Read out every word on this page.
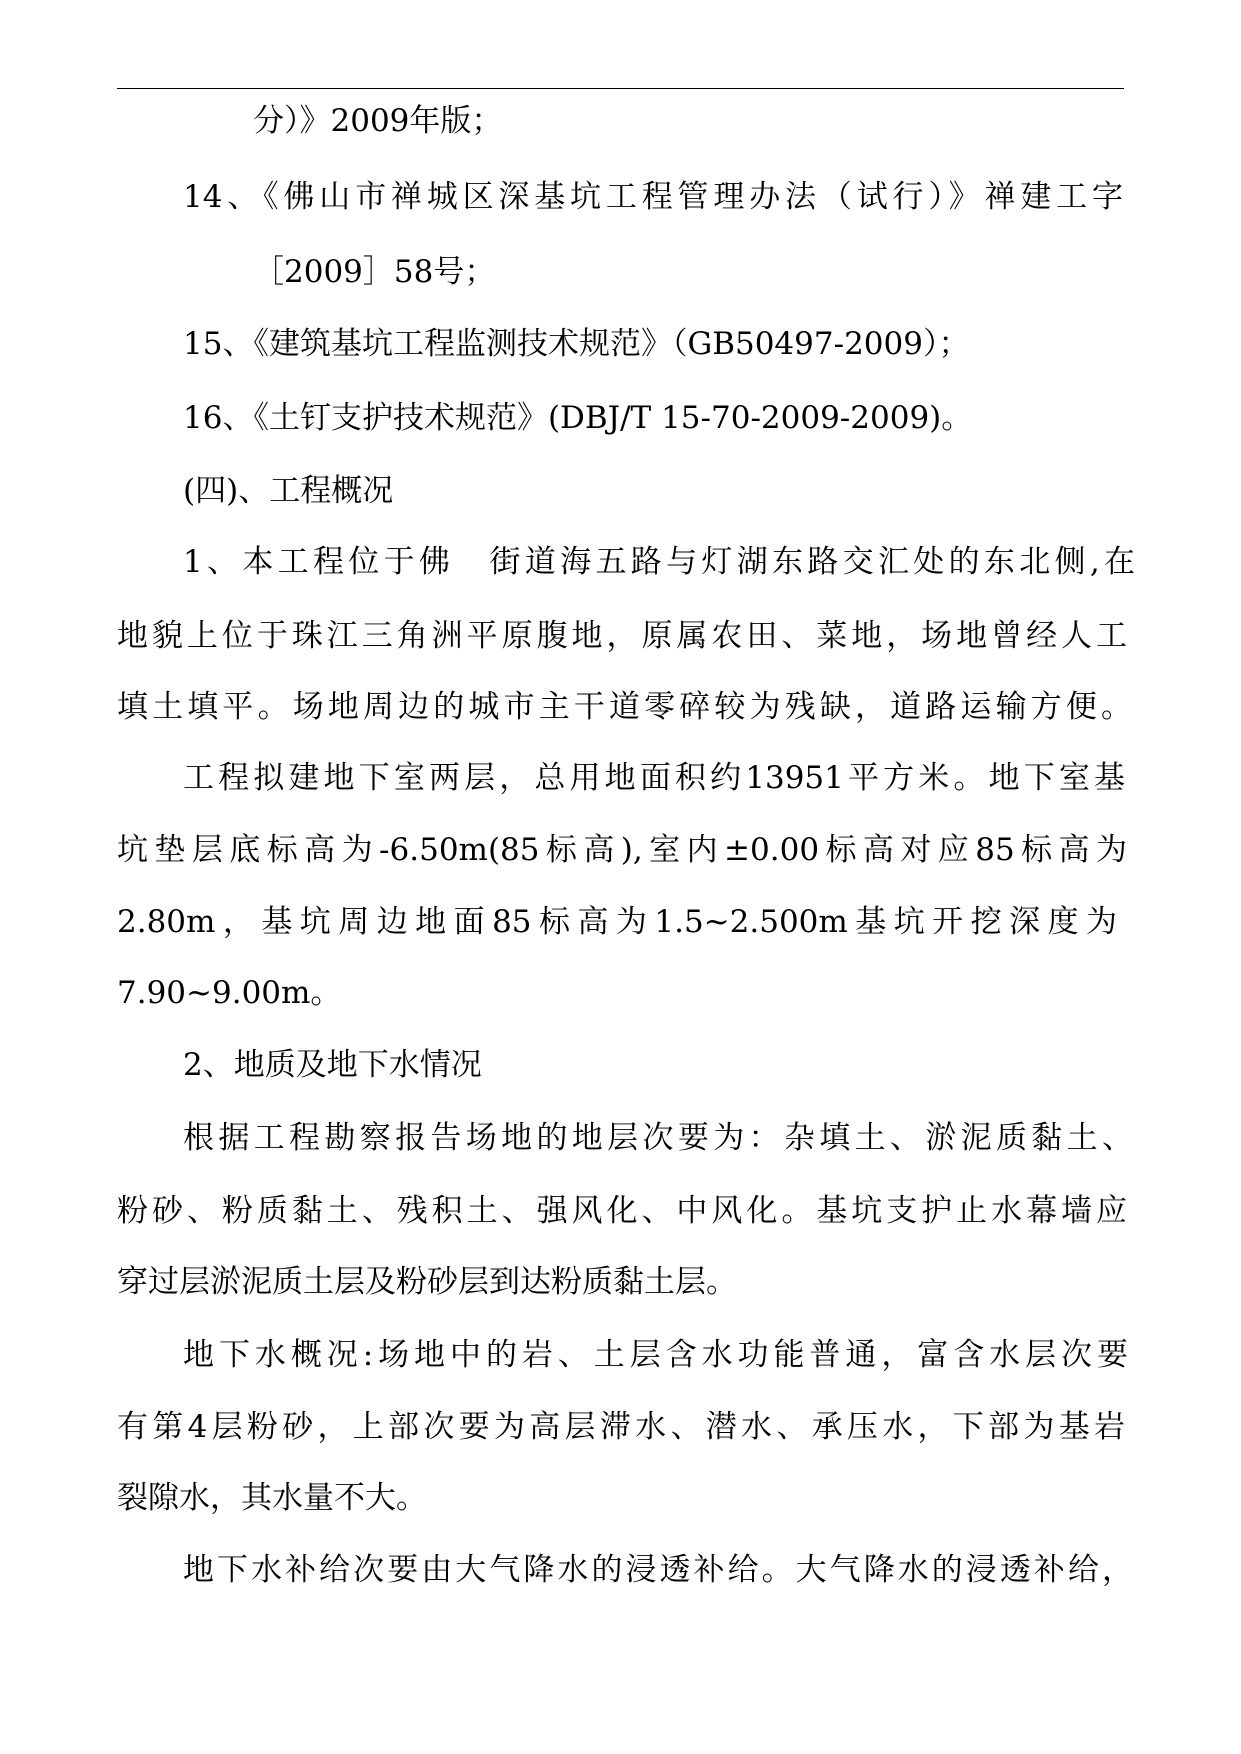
分）》2009年版；
14、《佛山市禅城区深基坑工程管理办法（试行）》禅建工字
［2009］58号；
15、《建筑基坑工程监测技术规范》（GB50497-2009）；
16、《土钉支护技术规范》(DBJ/T 15-70-2009-2009)。
(四)、工程概况
1、本工程位于佛　街道海五路与灯湖东路交汇处的东北侧,在
地貌上位于珠江三角洲平原腹地，原属农田、菜地，场地曾经人工
填土填平。场地周边的城市主干道零碎较为残缺，道路运输方便。
工程拟建地下室两层，总用地面积约13951平方米。地下室基
坑垫层底标高为-6.50m(85标高),室内±0.00标高对应85标高为
2.80m，基坑周边地面85标高为1.5~2.500m基坑开挖深度为
7.90~9.00m。
2、地质及地下水情况
根据工程勘察报告场地的地层次要为：杂填土、淤泥质黏土、
粉砂、粉质黏土、残积土、强风化、中风化。基坑支护止水幕墙应
穿过层淤泥质土层及粉砂层到达粉质黏土层。
地下水概况:场地中的岩、土层含水功能普通，富含水层次要
有第4层粉砂，上部次要为高层滞水、潜水、承压水，下部为基岩
裂隙水，其水量不大。
地下水补给次要由大气降水的浸透补给。大气降水的浸透补给，
